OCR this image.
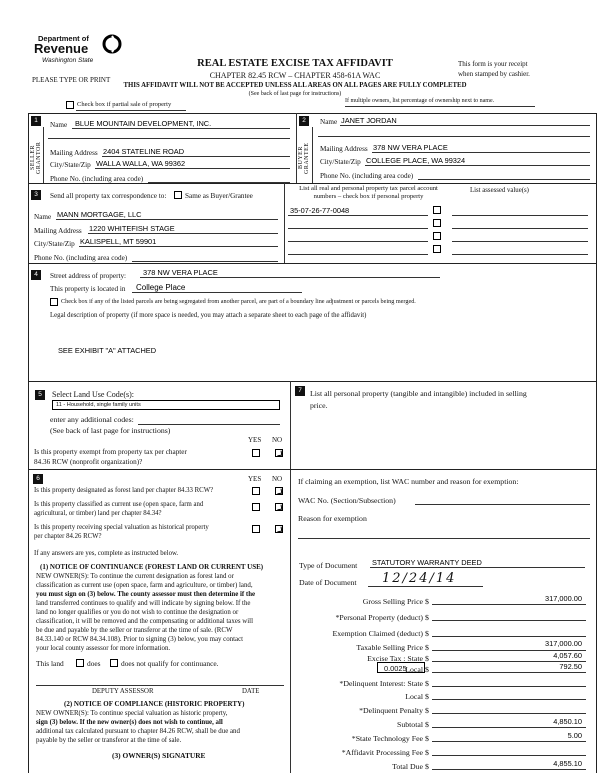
Department of
Revenue
Washington State
PLEASE TYPE OR PRINT
REAL ESTATE EXCISE TAX AFFIDAVIT
CHAPTER 82.45 RCW – CHAPTER 458-61A WAC
THIS AFFIDAVIT WILL NOT BE ACCEPTED UNLESS ALL AREAS ON ALL PAGES ARE FULLY COMPLETED
(See back of last page for instructions)
This form is your receipt
when stamped by cashier.
Check box if partial sale of property	If multiple owners, list percentage of ownership next to name.
1
SELLER GRANTOR
Name BLUE MOUNTAIN DEVELOPMENT, INC.
Mailing Address 2404 STATELINE ROAD
City/State/Zip WALLA WALLA, WA 99362
Phone No. (including area code)
2
BUYER GRANTEE
Name JANET JORDAN
Mailing Address 378 NW VERA PLACE
City/State/Zip COLLEGE PLACE, WA 99324
Phone No. (including area code)
3	Send all property tax correspondence to:	Same as Buyer/Grantee
Name MANN MORTGAGE, LLC
Mailing Address 1220 WHITEFISH STAGE
City/State/Zip KALISPELL, MT 59901
Phone No. (including area code)
List all real and personal property tax parcel account
numbers – check box if personal property
List assessed value(s)
35-07-26-77-0048
4	Street address of property: 378 NW VERA PLACE
This property is located in College Place
Check box if any of the listed parcels are being segregated from another parcel, are part of a boundary line adjustment or parcels being merged.
Legal description of property (if more space is needed, you may attach a separate sheet to each page of the affidavit)
SEE EXHIBIT "A" ATTACHED
5	Select Land Use Code(s):
11 - Household, single family units
enter any additional codes:
(See back of last page for instructions)
YES NO
Is this property exempt from property tax per chapter
84.36 RCW (nonprofit organization)?
7	List all personal property (tangible and intangible) included in selling
price.
6	YES NO
Is this property designated as forest land per chapter 84.33 RCW?
Is this property classified as current use (open space, farm and
agricultural, or timber) land per chapter 84.34?
Is this property receiving special valuation as historical property
per chapter 84.26 RCW?
If any answers are yes, complete as instructed below.
(1) NOTICE OF CONTINUANCE (FOREST LAND OR CURRENT USE)
NEW OWNER(S): To continue the current designation as forest land or
classification as current use (open space, farm and agriculture, or timber) land,
you must sign on (3) below. The county assessor must then determine if the
land transferred continues to qualify and will indicate by signing below. If the
land no longer qualifies or you do not wish to continue the designation or
classification, it will be removed and the compensating or additional taxes will
be due and payable by the seller or transferor at the time of sale. (RCW
84.33.140 or RCW 84.34.108). Prior to signing (3) below, you may contact
your local county assessor for more information.
This land	does	does not qualify for continuance.
DEPUTY ASSESSOR	DATE
(2) NOTICE OF COMPLIANCE (HISTORIC PROPERTY)
NEW OWNER(S): To continue special valuation as historic property,
sign (3) below. If the new owner(s) does not wish to continue, all
additional tax calculated pursuant to chapter 84.26 RCW, shall be due and
payable by the seller or transferor at the time of sale.
(3) OWNER(S) SIGNATURE
If claiming an exemption, list WAC number and reason for exemption:
WAC No. (Section/Subsection)
Reason for exemption
Type of Document STATUTORY WARRANTY DEED
Date of Document 12/24/14
Gross Selling Price $	317,000.00
*Personal Property (deduct) $
Exemption Claimed (deduct) $
Taxable Selling Price $	317,000.00
Excise Tax : State $	4,057.60
0.0025
Local $	792.50
*Delinquent Interest: State $
Local $
*Delinquent Penalty $
Subtotal $	4,850.10
*State Technology Fee $	5.00
*Affidavit Processing Fee $
Total Due $	4,855.10
